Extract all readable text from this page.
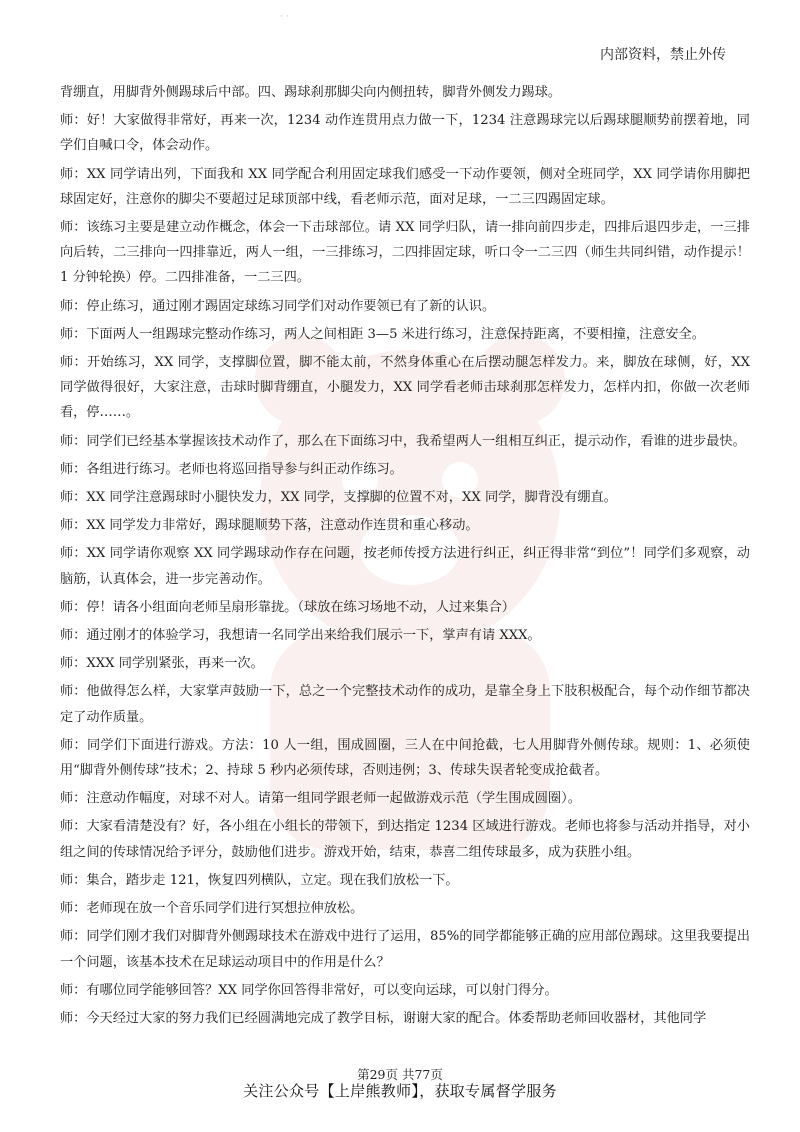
· ·
内部资料，禁止外传

背绷直，用脚背外侧踢球后中部。四、踢球刹那脚尖向内侧扭转，脚背外侧发力踢球。

师：好！大家做得非常好，再来一次，1234 动作连贯用点力做一下，1234 注意踢球完以后踢球腿顺势前摆着地，同学们自喊口令，体会动作。

师：XX 同学请出列，下面我和 XX 同学配合利用固定球我们感受一下动作要领，侧对全班同学，XX 同学请你用脚把球固定好，注意你的脚尖不要超过足球顶部中线，看老师示范，面对足球，一二三四踢固定球。

师：该练习主要是建立动作概念，体会一下击球部位。请 XX 同学归队，请一排向前四步走，四排后退四步走，一三排向后转，二三排向一四排靠近，两人一组，一三排练习，二四排固定球，听口令一二三四（师生共同纠错，动作提示！1 分钟轮换）停。二四排准备，一二三四。

师：停止练习，通过刚才踢固定球练习同学们对动作要领已有了新的认识。

师：下面两人一组踢球完整动作练习，两人之间相距 3—5 米进行练习，注意保持距离，不要相撞，注意安全。

师：开始练习，XX 同学，支撑脚位置，脚不能太前，不然身体重心在后摆动腿怎样发力。来，脚放在球侧，好，XX 同学做得很好，大家注意，击球时脚背绷直，小腿发力，XX 同学看老师击球刹那怎样发力，怎样内扣，你做一次老师看，停……。

师：同学们已经基本掌握该技术动作了，那么在下面练习中，我希望两人一组相互纠正，提示动作，看谁的进步最快。

师：各组进行练习。老师也将巡回指导参与纠正动作练习。

师：XX 同学注意踢球时小腿快发力，XX 同学，支撑脚的位置不对，XX 同学，脚背没有绷直。

师：XX 同学发力非常好，踢球腿顺势下落，注意动作连贯和重心移动。

师：XX 同学请你观察 XX 同学踢球动作存在问题，按老师传授方法进行纠正，纠正得非常“到位”！同学们多观察，动脑筋，认真体会，进一步完善动作。

师：停！请各小组面向老师呈扇形靠拢。（球放在练习场地不动，人过来集合）

师：通过刚才的体验学习，我想请一名同学出来给我们展示一下，掌声有请 XXX。

师：XXX 同学别紧张，再来一次。

师：他做得怎么样，大家掌声鼓励一下，总之一个完整技术动作的成功，是靠全身上下肢积极配合，每个动作细节都决定了动作质量。

师：同学们下面进行游戏。方法：10 人一组，围成圆圈，三人在中间抢截，七人用脚背外侧传球。规则：1、必须使用“脚背外侧传球”技术；2、持球 5 秒内必须传球，否则违例；3、传球失误者轮变成抢截者。

师：注意动作幅度，对球不对人。请第一组同学跟老师一起做游戏示范（学生围成圆圈）。

师：大家看清楚没有？好，各小组在小组长的带领下，到达指定 1234 区域进行游戏。老师也将参与活动并指导，对小组之间的传球情况给予评分，鼓励他们进步。游戏开始，结束，恭喜二组传球最多，成为获胜小组。

师：集合，踏步走 121，恢复四列横队，立定。现在我们放松一下。

师：老师现在放一个音乐同学们进行冥想拉伸放松。

师：同学们刚才我们对脚背外侧踢球技术在游戏中进行了运用，85%的同学都能够正确的应用部位踢球。这里我要提出一个问题，该基本技术在足球运动项目中的作用是什么？

师：有哪位同学能够回答？XX 同学你回答得非常好，可以变向运球，可以射门得分。

师：今天经过大家的努力我们已经圆满地完成了教学目标，谢谢大家的配合。体委帮助老师回收器材，其他同学

第29页 共77页
关注公众号【上岸熊教师】，获取专属督学服务
